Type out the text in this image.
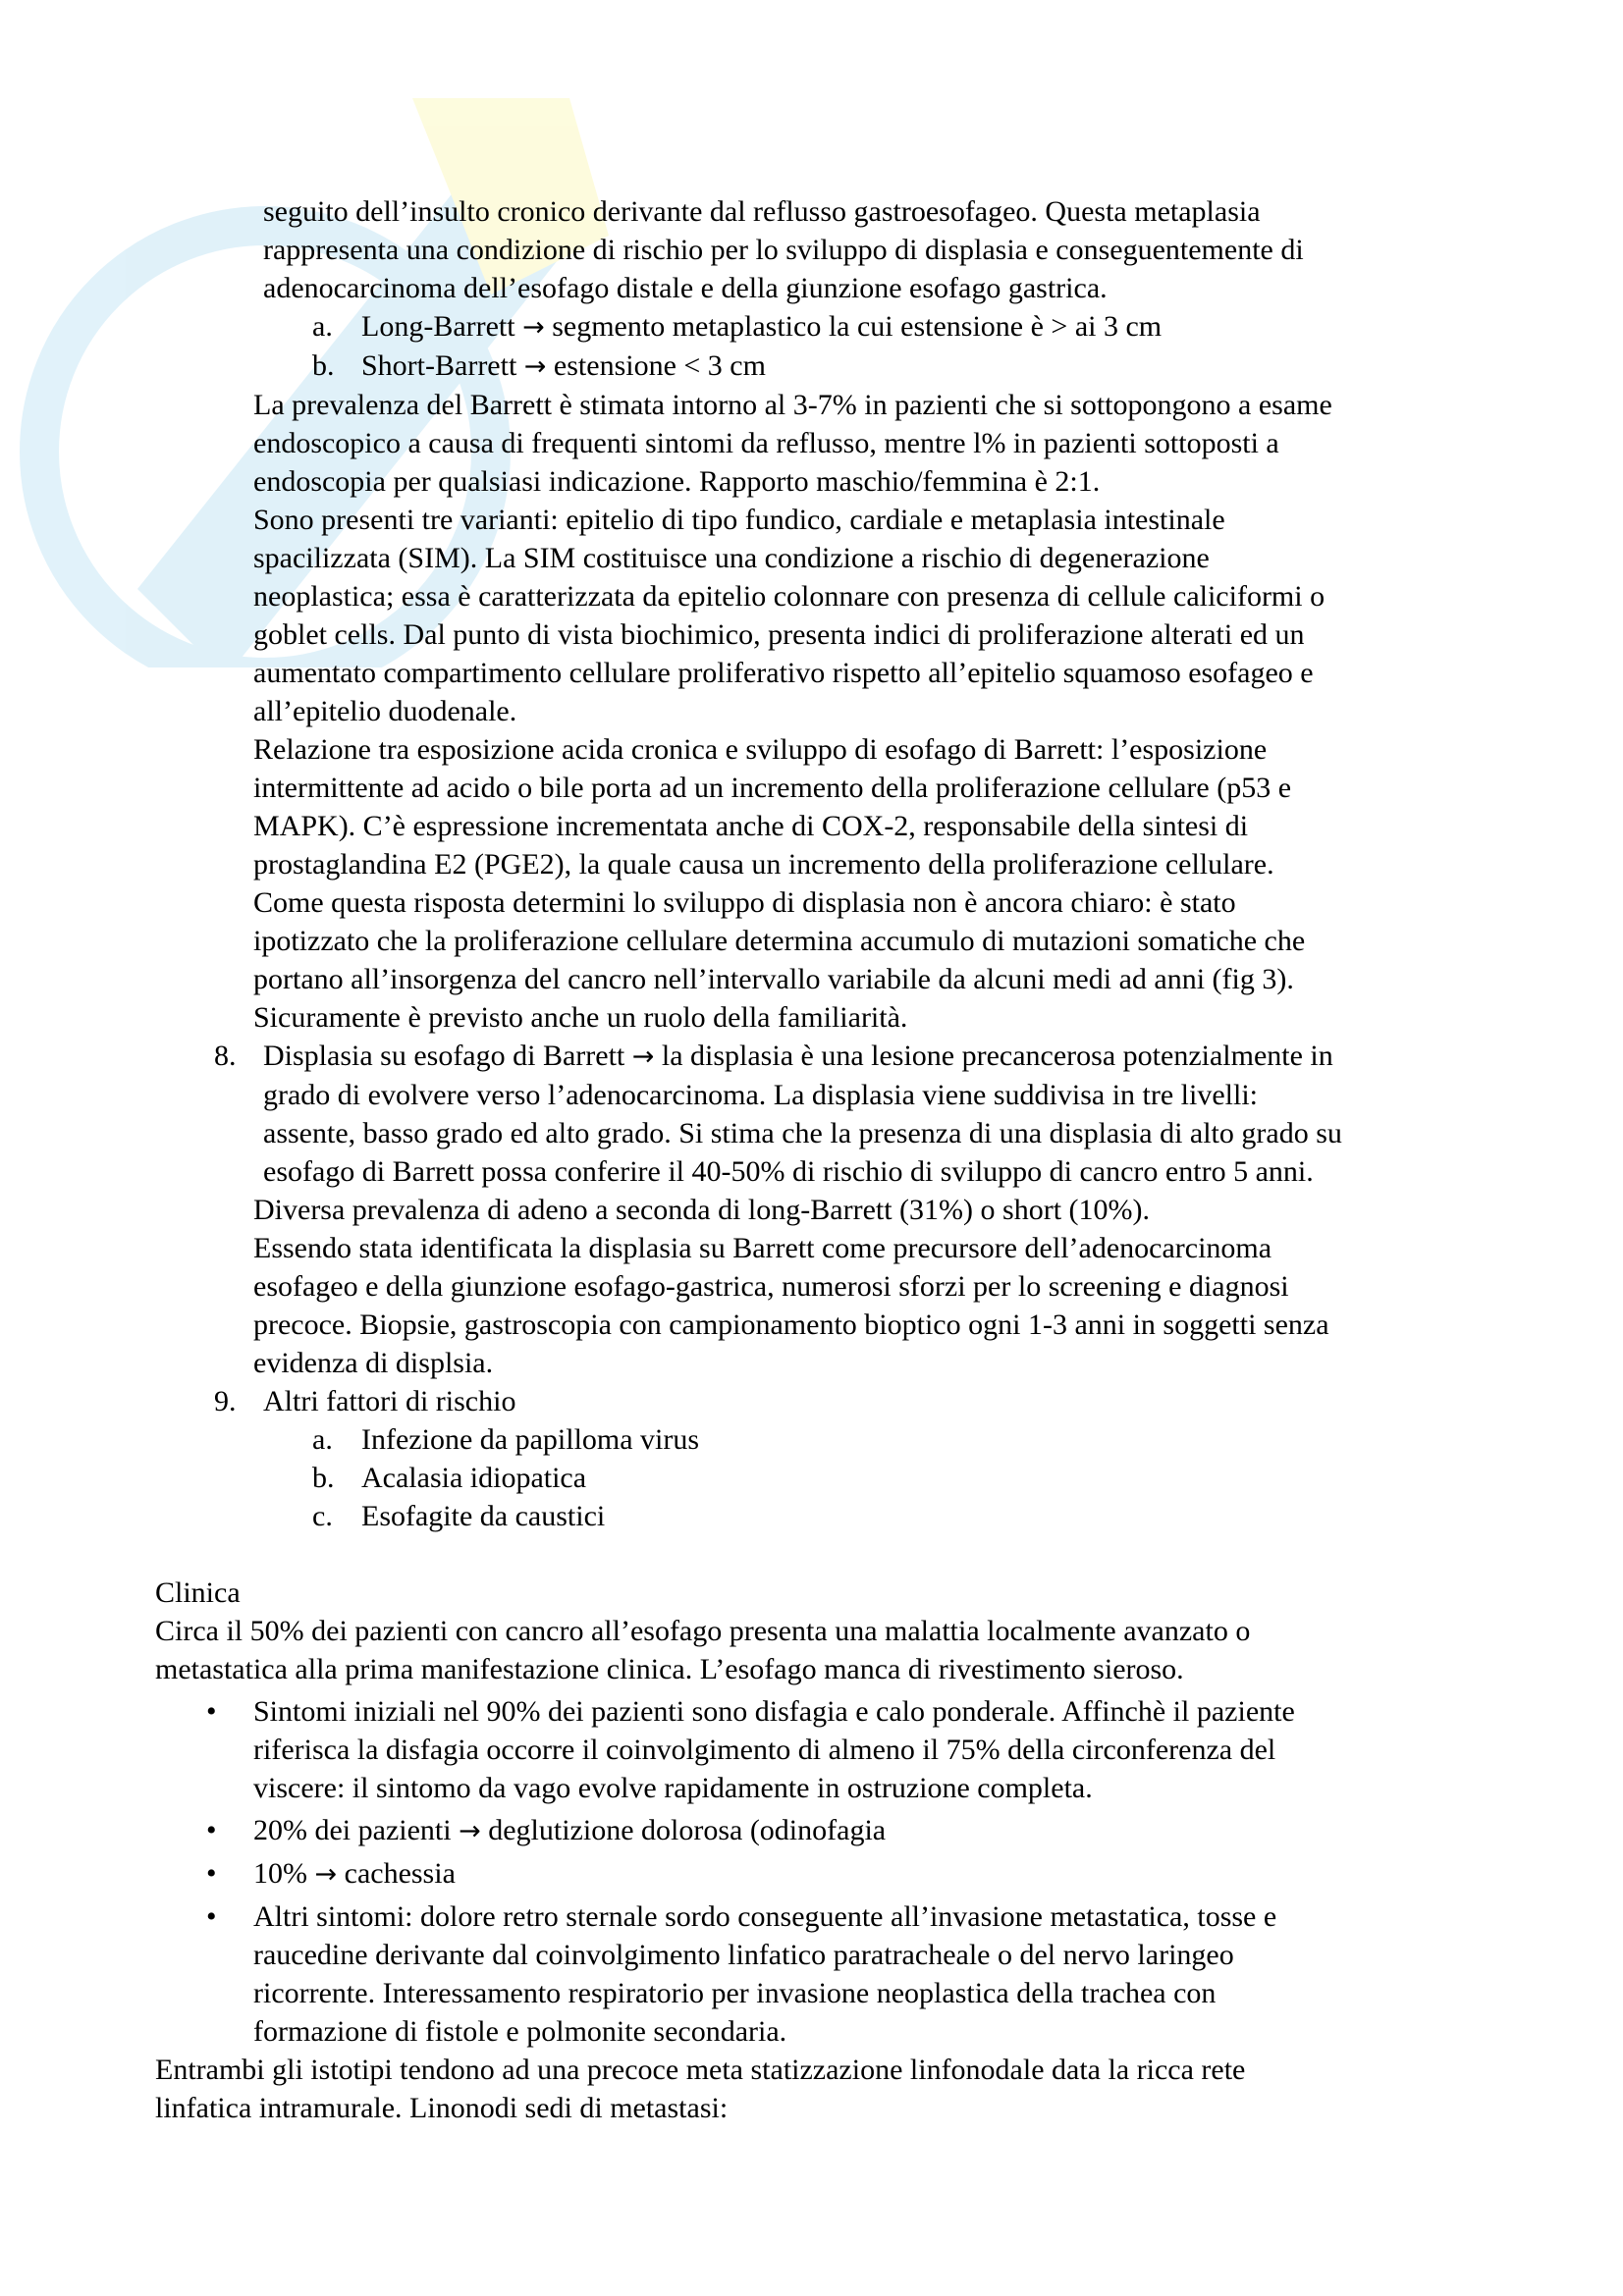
seguito dell’insulto cronico derivante dal reflusso gastroesofageo. Questa metaplasia
rappresenta una condizione di rischio per lo sviluppo di displasia e conseguentemente di
adenocarcinoma dell’esofago distale e della giunzione esofago gastrica.
a. Long-Barrett → segmento metaplastico la cui estensione è > ai 3 cm
b. Short-Barrett → estensione < 3 cm
La prevalenza del Barrett è stimata intorno al 3-7% in pazienti che si sottopongono a esame
endoscopico a causa di frequenti sintomi da reflusso, mentre l% in pazienti sottoposti a
endoscopia per qualsiasi indicazione. Rapporto maschio/femmina è 2:1.
Sono presenti tre varianti: epitelio di tipo fundico, cardiale e metaplasia intestinale
spacilizzata (SIM). La SIM costituisce una condizione a rischio di degenerazione
neoplastica; essa è caratterizzata da epitelio colonnare con presenza di cellule caliciformi o
goblet cells. Dal punto di vista biochimico, presenta indici di proliferazione alterati ed un
aumentato compartimento cellulare proliferativo rispetto all’epitelio squamoso esofageo e
all’epitelio duodenale.
Relazione tra esposizione acida cronica e sviluppo di esofago di Barrett: l’esposizione
intermittente ad acido o bile porta ad un incremento della proliferazione cellulare (p53 e
MAPK). C’è espressione incrementata anche di COX-2, responsabile della sintesi di
prostaglandina E2 (PGE2), la quale causa un incremento della proliferazione cellulare.
Come questa risposta determini lo sviluppo di displasia non è ancora chiaro: è stato
ipotizzato che la proliferazione cellulare determina accumulo di mutazioni somatiche che
portano all’insorgenza del cancro nell’intervallo variabile da alcuni medi ad anni (fig 3).
Sicuramente è previsto anche un ruolo della familiarità.
8. Displasia su esofago di Barrett → la displasia è una lesione precancerosa potenzialmente in
grado di evolvere verso l’adenocarcinoma. La displasia viene suddivisa in tre livelli:
assente, basso grado ed alto grado. Si stima che la presenza di una displasia di alto grado su
esofago di Barrett possa conferire il 40-50% di rischio di sviluppo di cancro entro 5 anni.
Diversa prevalenza di adeno a seconda di long-Barrett (31%) o short (10%).
Essendo stata identificata la displasia su Barrett come precursore dell’adenocarcinoma
esofageo e della giunzione esofago-gastrica, numerosi sforzi per lo screening e diagnosi
precoce. Biopsie, gastroscopia con campionamento bioptico ogni 1-3 anni in soggetti senza
evidenza di displsia.
9. Altri fattori di rischio
a. Infezione da papilloma virus
b. Acalasia idiopatica
c. Esofagite da caustici
Clinica
Circa il 50% dei pazienti con cancro all’esofago presenta una malattia localmente avanzato o
metastatica alla prima manifestazione clinica. L’esofago manca di rivestimento sieroso.
• Sintomi iniziali nel 90% dei pazienti sono disfagia e calo ponderale. Affinchè il paziente
riferisca la disfagia occorre il coinvolgimento di almeno il 75% della circonferenza del
viscere: il sintomo da vago evolve rapidamente in ostruzione completa.
• 20% dei pazienti → deglutizione dolorosa (odinofagia
• 10% → cachessia
• Altri sintomi: dolore retro sternale sordo conseguente all’invasione metastatica, tosse e
raucedine derivante dal coinvolgimento linfatico paratracheale o del nervo laringeo
ricorrente. Interessamento respiratorio per invasione neoplastica della trachea con
formazione di fistole e polmonite secondaria.
Entrambi gli istotipi tendono ad una precoce meta statizzazione linfonodale data la ricca rete
linfatica intramurale. Linonodi sedi di metastasi:
